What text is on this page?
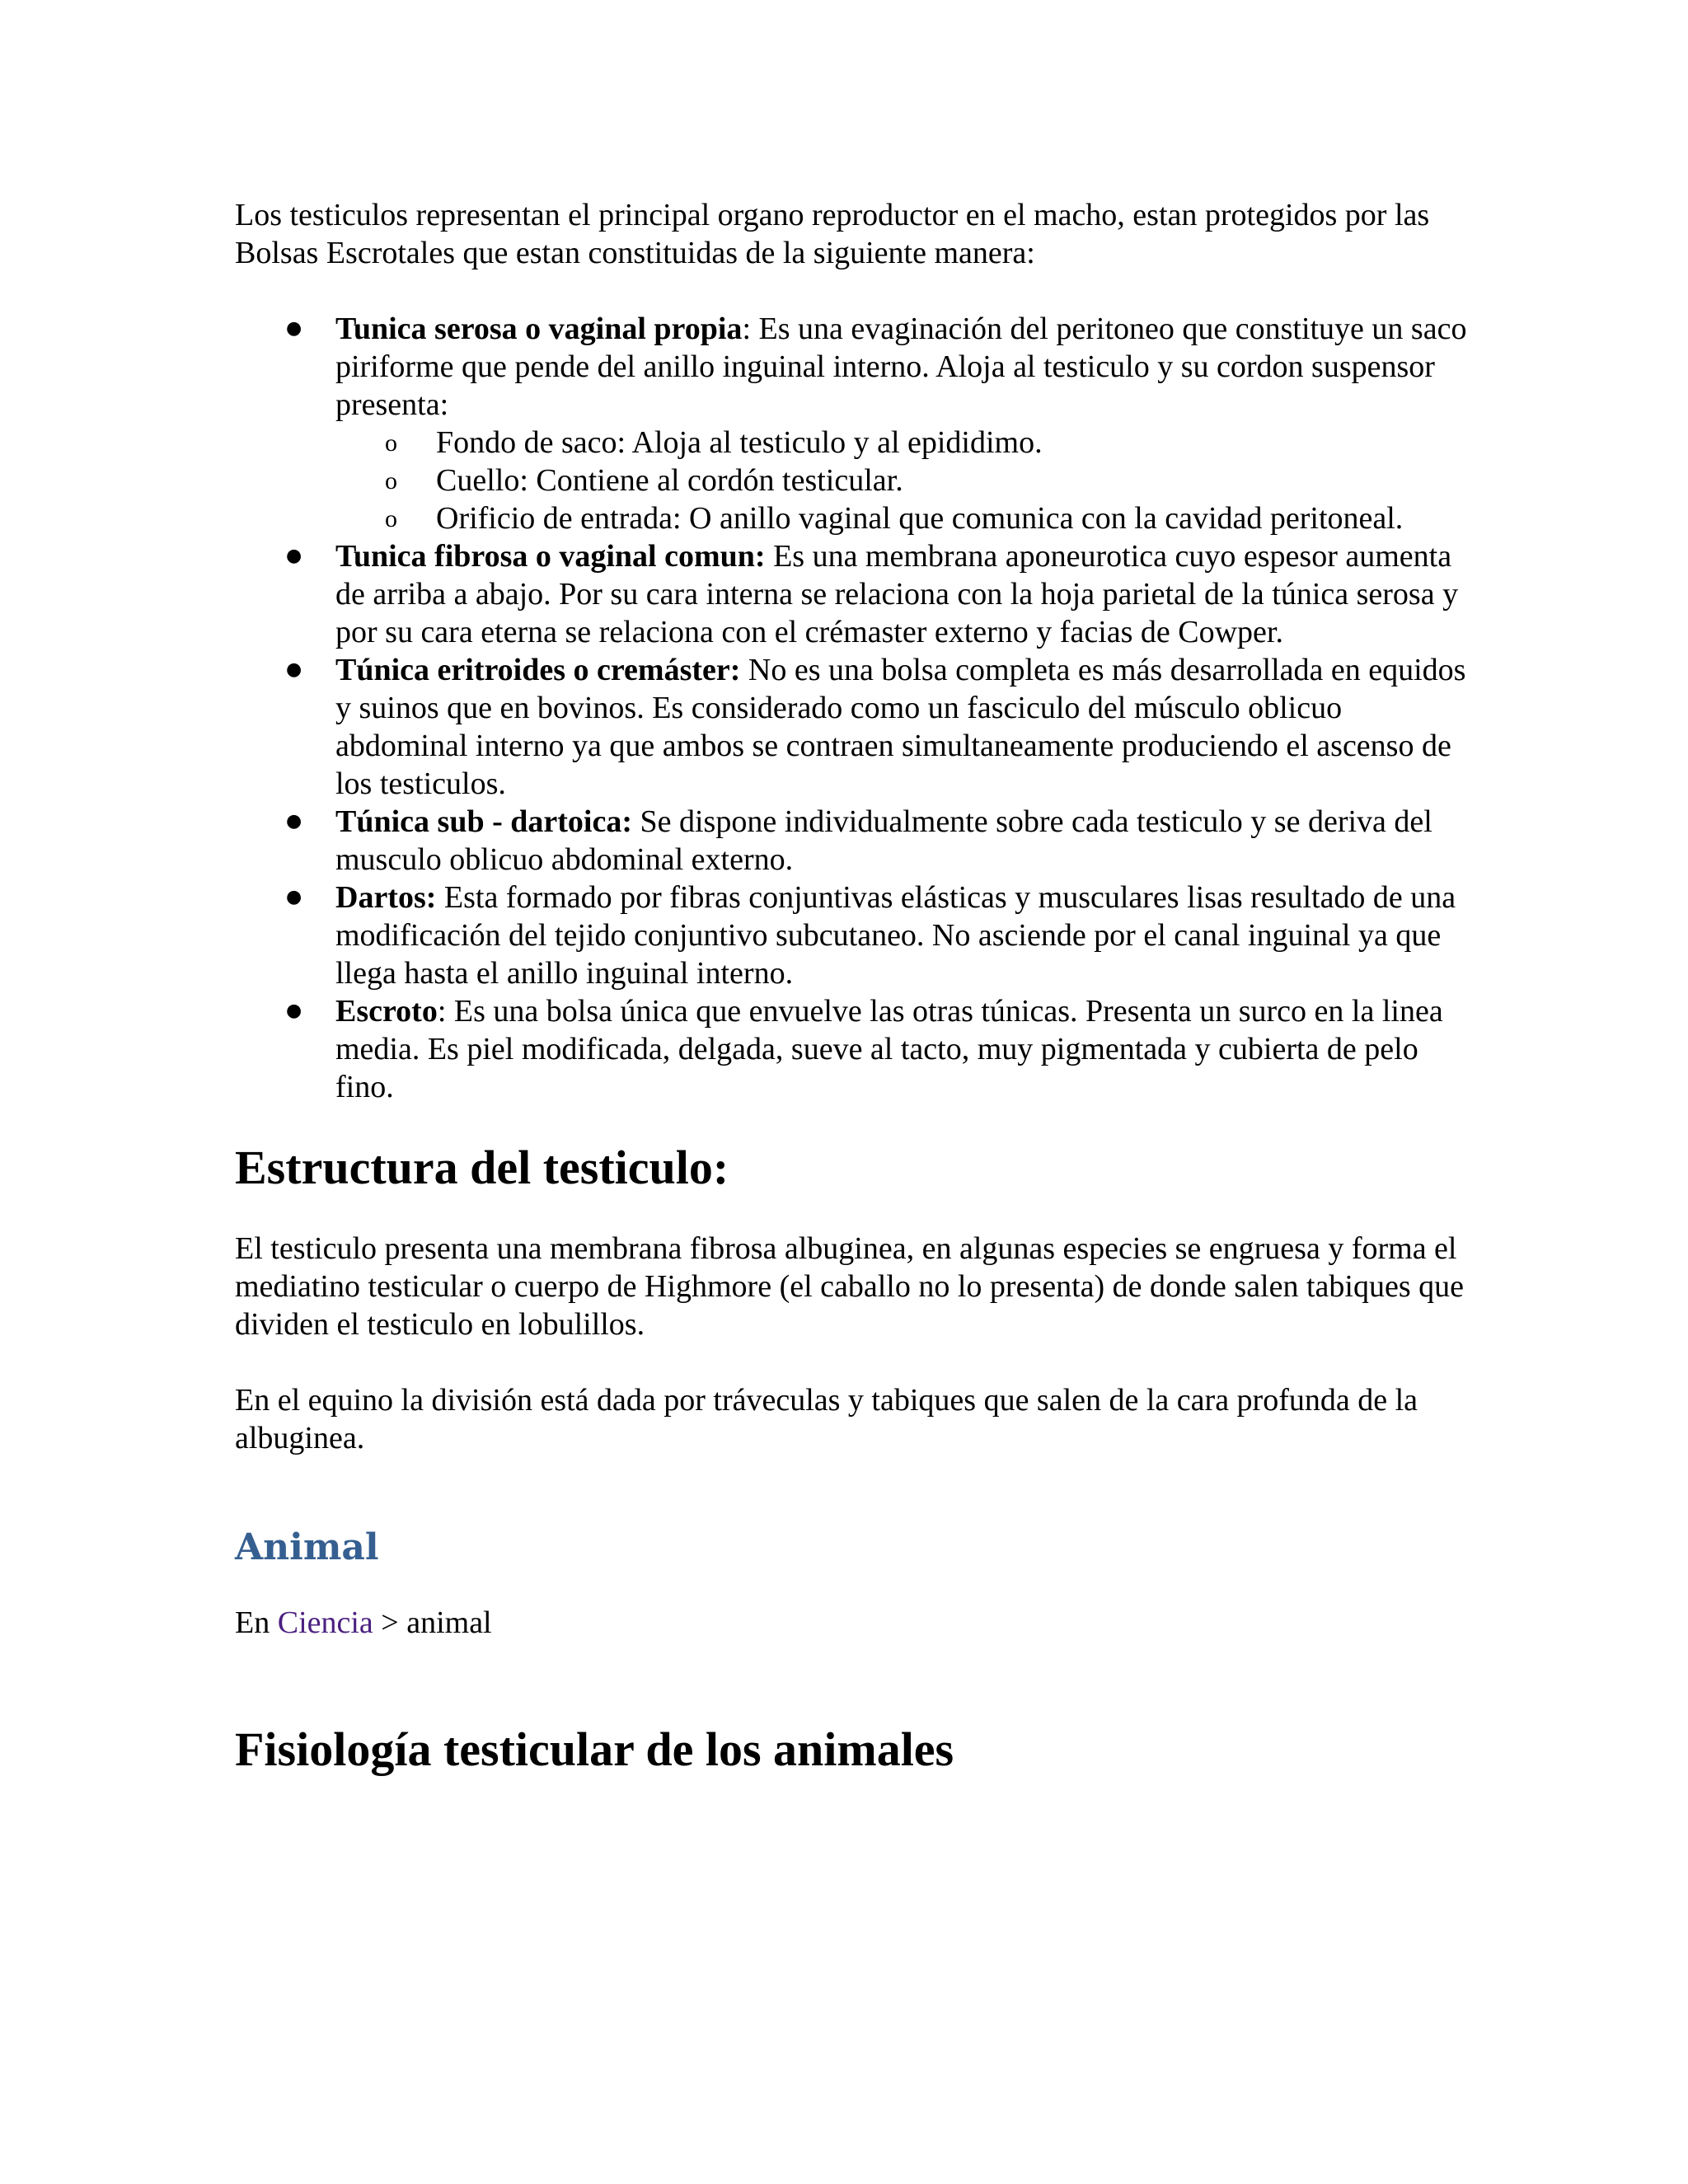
Los testiculos representan el principal organo reproductor en el macho, estan protegidos por las Bolsas Escrotales que estan constituidas de la siguiente manera:

● Tunica serosa o vaginal propia: Es una evaginación del peritoneo que constituye un saco piriforme que pende del anillo inguinal interno. Aloja al testiculo y su cordon suspensor presenta:
o Fondo de saco: Aloja al testiculo y al epididimo.
o Cuello: Contiene al cordón testicular.
o Orificio de entrada: O anillo vaginal que comunica con la cavidad peritoneal.
● Tunica fibrosa o vaginal comun: Es una membrana aponeurotica cuyo espesor aumenta de arriba a abajo. Por su cara interna se relaciona con la hoja parietal de la túnica serosa y por su cara eterna se relaciona con el crémaster externo y facias de Cowper.
● Túnica eritroides o cremáster: No es una bolsa completa es más desarrollada en equidos y suinos que en bovinos. Es considerado como un fasciculo del músculo oblicuo abdominal interno ya que ambos se contraen simultaneamente produciendo el ascenso de los testiculos.
● Túnica sub - dartoica: Se dispone individualmente sobre cada testiculo y se deriva del musculo oblicuo abdominal externo.
● Dartos: Esta formado por fibras conjuntivas elásticas y musculares lisas resultado de una modificación del tejido conjuntivo subcutaneo. No asciende por el canal inguinal ya que llega hasta el anillo inguinal interno.
● Escroto: Es una bolsa única que envuelve las otras túnicas. Presenta un surco en la linea media. Es piel modificada, delgada, sueve al tacto, muy pigmentada y cubierta de pelo fino.
Estructura del testiculo:

El testiculo presenta una membrana fibrosa albuginea, en algunas especies se engruesa y forma el mediatino testicular o cuerpo de Highmore (el caballo no lo presenta) de donde salen tabiques que dividen el testiculo en lobulillos.

En el equino la división está dada por tráveculas y tabiques que salen de la cara profunda de la albuginea.

Animal

En Ciencia > animal

Fisiología testicular de los animales
